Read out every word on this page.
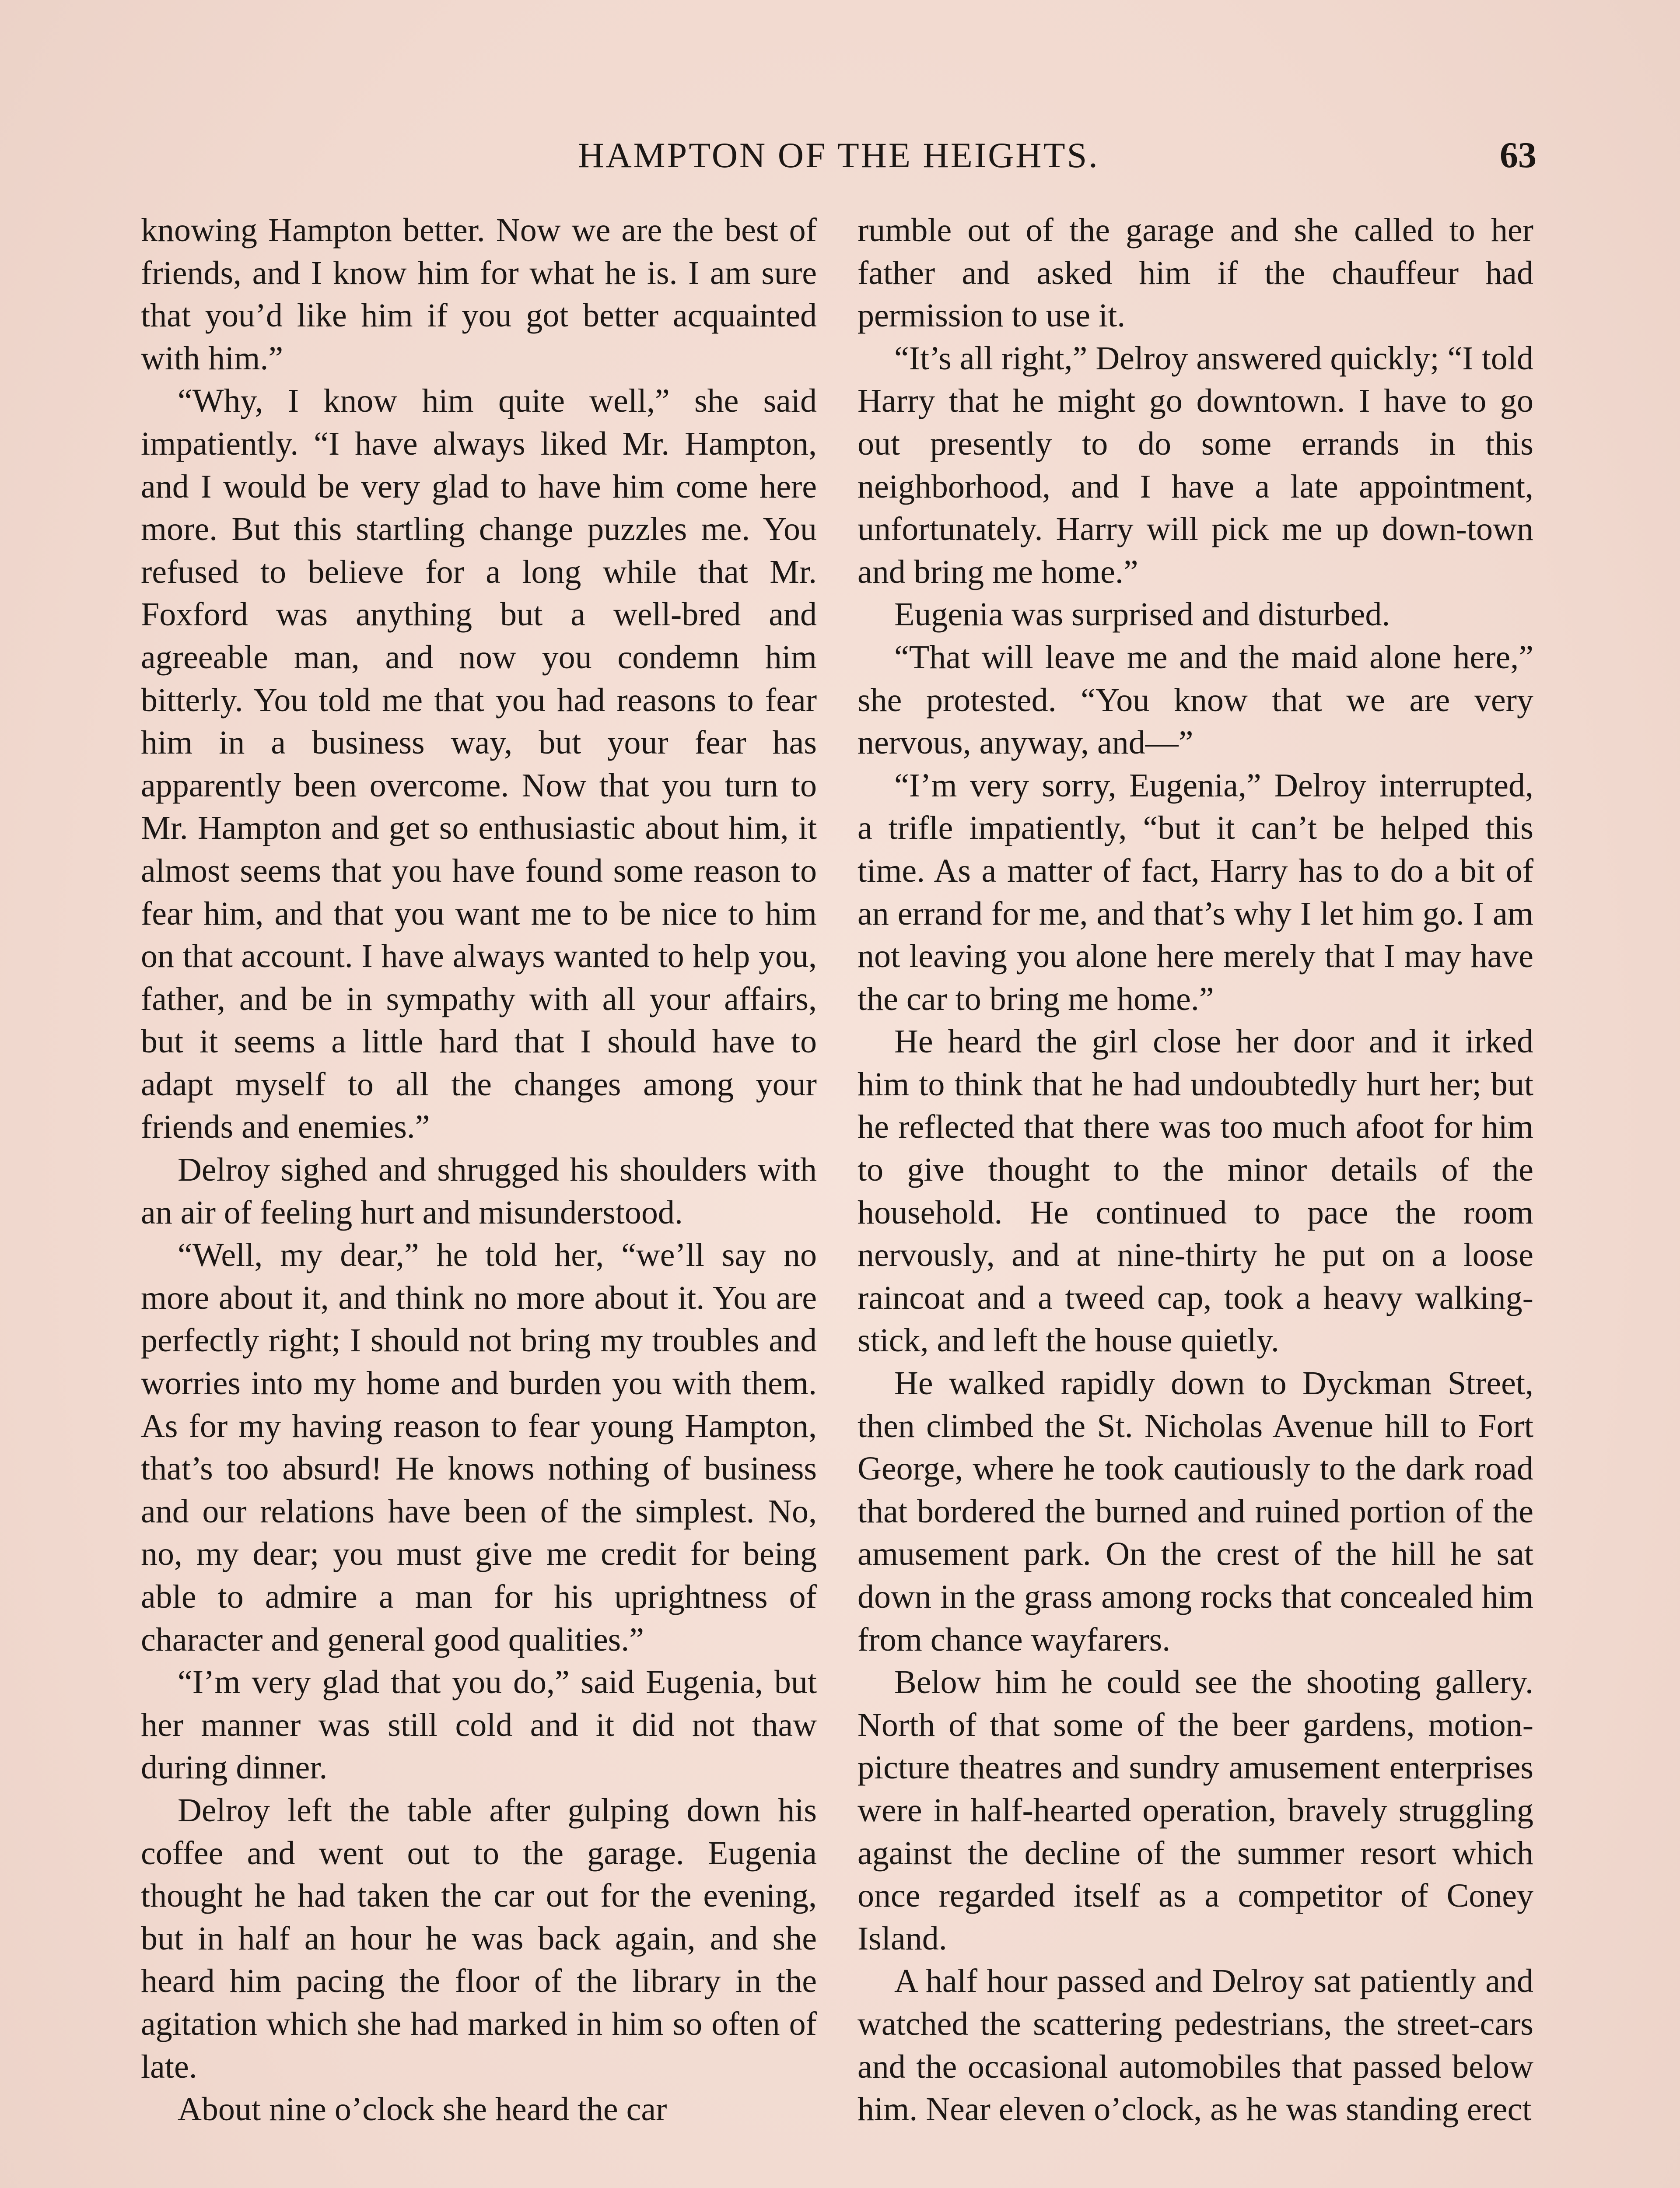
HAMPTON OF THE HEIGHTS.	63

knowing Hampton better. Now we are the best of friends, and I know him for what he is. I am sure that you’d like him if you got better acquainted with him.”

“Why, I know him quite well,” she said impatiently. “I have always liked Mr. Hampton, and I would be very glad to have him come here more. But this startling change puzzles me. You refused to believe for a long while that Mr. Foxford was anything but a well-bred and agreeable man, and now you condemn him bitterly. You told me that you had reasons to fear him in a business way, but your fear has apparently been overcome. Now that you turn to Mr. Hampton and get so enthusiastic about him, it almost seems that you have found some reason to fear him, and that you want me to be nice to him on that account. I have always wanted to help you, father, and be in sympathy with all your affairs, but it seems a little hard that I should have to adapt myself to all the changes among your friends and enemies.”

Delroy sighed and shrugged his shoulders with an air of feeling hurt and misunderstood.

“Well, my dear,” he told her, “we’ll say no more about it, and think no more about it. You are perfectly right; I should not bring my troubles and worries into my home and burden you with them. As for my having reason to fear young Hampton, that’s too absurd! He knows nothing of business and our relations have been of the simplest. No, no, my dear; you must give me credit for being able to admire a man for his uprightness of character and general good qualities.”

“I’m very glad that you do,” said Eugenia, but her manner was still cold and it did not thaw during dinner.

Delroy left the table after gulping down his coffee and went out to the garage. Eugenia thought he had taken the car out for the evening, but in half an hour he was back again, and she heard him pacing the floor of the library in the agitation which she had marked in him so often of late.

About nine o’clock she heard the car

rumble out of the garage and she called to her father and asked him if the chauffeur had permission to use it.

“It’s all right,” Delroy answered quickly; “I told Harry that he might go downtown. I have to go out presently to do some errands in this neighborhood, and I have a late appointment, unfortunately. Harry will pick me up down-town and bring me home.”

Eugenia was surprised and disturbed.

“That will leave me and the maid alone here,” she protested. “You know that we are very nervous, anyway, and—”

“I’m very sorry, Eugenia,” Delroy interrupted, a trifle impatiently, “but it can’t be helped this time. As a matter of fact, Harry has to do a bit of an errand for me, and that’s why I let him go. I am not leaving you alone here merely that I may have the car to bring me home.”

He heard the girl close her door and it irked him to think that he had undoubtedly hurt her; but he reflected that there was too much afoot for him to give thought to the minor details of the household. He continued to pace the room nervously, and at nine-thirty he put on a loose raincoat and a tweed cap, took a heavy walking-stick, and left the house quietly.

He walked rapidly down to Dyckman Street, then climbed the St. Nicholas Avenue hill to Fort George, where he took cautiously to the dark road that bordered the burned and ruined portion of the amusement park. On the crest of the hill he sat down in the grass among rocks that concealed him from chance wayfarers.

Below him he could see the shooting gallery. North of that some of the beer gardens, motion-picture theatres and sundry amusement enterprises were in half-hearted operation, bravely struggling against the decline of the summer resort which once regarded itself as a competitor of Coney Island.

A half hour passed and Delroy sat patiently and watched the scattering pedestrians, the street-cars and the occasional automobiles that passed below him. Near eleven o’clock, as he was standing erect
